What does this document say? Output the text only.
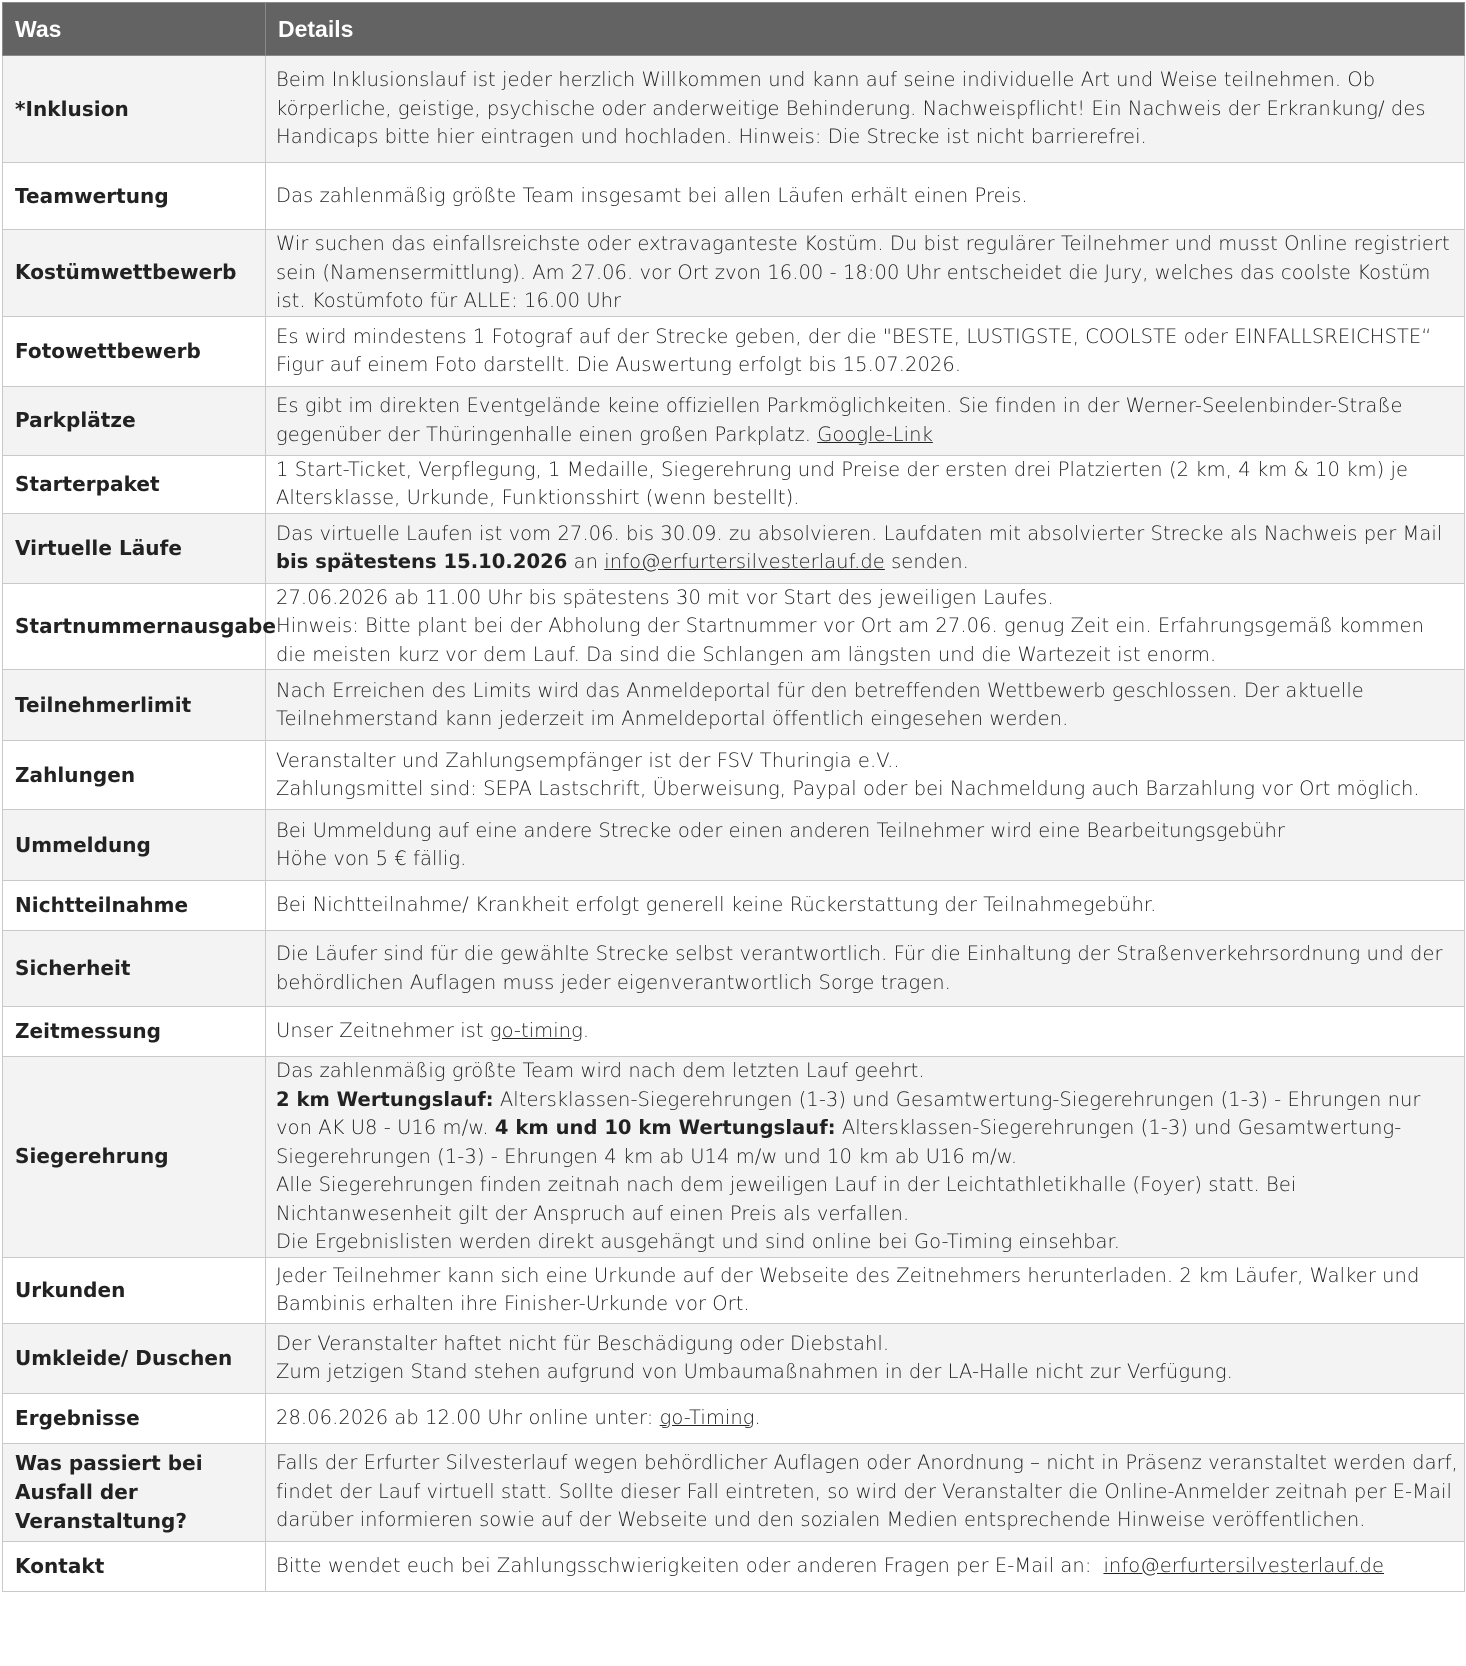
Was	Details
*Inklusion	Beim Inklusionslauf ist jeder herzlich Willkommen und kann auf seine individuelle Art und Weise teilnehmen. Ob körperliche, geistige, psychische oder anderweitige Behinderung. Nachweispflicht! Ein Nachweis der Erkrankung/ des Handicaps bitte hier eintragen und hochladen. Hinweis: Die Strecke ist nicht barrierefrei.
Teamwertung	Das zahlenmäßig größte Team insgesamt bei allen Läufen erhält einen Preis.
Kostümwettbewerb	Wir suchen das einfallsreichste oder extravaganteste Kostüm. Du bist regulärer Teilnehmer und musst Online registriert sein (Namensermittlung). Am 27.06. vor Ort zvon 16.00 - 18:00 Uhr entscheidet die Jury, welches das coolste Kostüm ist. Kostümfoto für ALLE: 16.00 Uhr
Fotowettbewerb	Es wird mindestens 1 Fotograf auf der Strecke geben, der die "BESTE, LUSTIGSTE, COOLSTE oder EINFALLSREICHSTE“ Figur auf einem Foto darstellt. Die Auswertung erfolgt bis 15.07.2026.
Parkplätze	Es gibt im direkten Eventgelände keine offiziellen Parkmöglichkeiten. Sie finden in der Werner-Seelenbinder-Straße gegenüber der Thüringenhalle einen großen Parkplatz. Google-Link
Starterpaket	1 Start-Ticket, Verpflegung, 1 Medaille, Siegerehrung und Preise der ersten drei Platzierten (2 km, 4 km & 10 km) je Altersklasse, Urkunde, Funktionsshirt (wenn bestellt).
Virtuelle Läufe	Das virtuelle Laufen ist vom 27.06. bis 30.09. zu absolvieren. Laufdaten mit absolvierter Strecke als Nachweis per Mail bis spätestens 15.10.2026 an info@erfurtersilvesterlauf.de senden.
Startnummernausgabe	27.06.2026 ab 11.00 Uhr bis spätestens 30 mit vor Start des jeweiligen Laufes.
Hinweis: Bitte plant bei der Abholung der Startnummer vor Ort am 27.06. genug Zeit ein. Erfahrungsgemäß kommen die meisten kurz vor dem Lauf. Da sind die Schlangen am längsten und die Wartezeit ist enorm.

Teilnehmerlimit	Nach Erreichen des Limits wird das Anmeldeportal für den betreffenden Wettbewerb geschlossen. Der aktuelle Teilnehmerstand kann jederzeit im Anmeldeportal öffentlich eingesehen werden.
Zahlungen	Veranstalter und Zahlungsempfänger ist der FSV Thuringia e.V..
Zahlungsmittel sind: SEPA Lastschrift, Überweisung, Paypal oder bei Nachmeldung auch Barzahlung vor Ort möglich.

Ummeldung	Bei Ummeldung auf eine andere Strecke oder einen anderen Teilnehmer wird eine Bearbeitungsgebühr
Höhe von 5 € fällig.

Nichtteilnahme	Bei Nichtteilnahme/ Krankheit erfolgt generell keine Rückerstattung der Teilnahmegebühr.
Sicherheit	Die Läufer sind für die gewählte Strecke selbst verantwortlich. Für die Einhaltung der Straßenverkehrsordnung und der behördlichen Auflagen muss jeder eigenverantwortlich Sorge tragen.
Zeitmessung	Unser Zeitnehmer ist go-timing.
Siegerehrung	Das zahlenmäßig größte Team wird nach dem letzten Lauf geehrt.
2 km Wertungslauf: Altersklassen-Siegerehrungen (1-3) und Gesamtwertung-Siegerehrungen (1-3) - Ehrungen nur von AK U8 - U16 m/w. 4 km und 10 km Wertungslauf: Altersklassen-Siegerehrungen (1-3) und Gesamtwertung-Siegerehrungen (1-3) - Ehrungen 4 km ab U14 m/w und 10 km ab U16 m/w.
Alle Siegerehrungen finden zeitnah nach dem jeweiligen Lauf in der Leichtathletikhalle (Foyer) statt. Bei Nichtanwesenheit gilt der Anspruch auf einen Preis als verfallen.
Die Ergebnislisten werden direkt ausgehängt und sind online bei Go-Timing einsehbar.

Urkunden	Jeder Teilnehmer kann sich eine Urkunde auf der Webseite des Zeitnehmers herunterladen. 2 km Läufer, Walker und Bambinis erhalten ihre Finisher-Urkunde vor Ort.
Umkleide/ Duschen	Der Veranstalter haftet nicht für Beschädigung oder Diebstahl.
Zum jetzigen Stand stehen aufgrund von Umbaumaßnahmen in der LA-Halle nicht zur Verfügung.

Ergebnisse	28.06.2026 ab 12.00 Uhr online unter: go-Timing.
Was passiert bei Ausfall der Veranstaltung?	Falls der Erfurter Silvesterlauf wegen behördlicher Auflagen oder Anordnung – nicht in Präsenz veranstaltet werden darf, findet der Lauf virtuell statt. Sollte dieser Fall eintreten, so wird der Veranstalter die Online-Anmelder zeitnah per E-Mail darüber informieren sowie auf der Webseite und den sozialen Medien entsprechende Hinweise veröffentlichen.
Kontakt	Bitte wendet euch bei Zahlungsschwierigkeiten oder anderen Fragen per E-Mail an: info@erfurtersilvesterlauf.de
